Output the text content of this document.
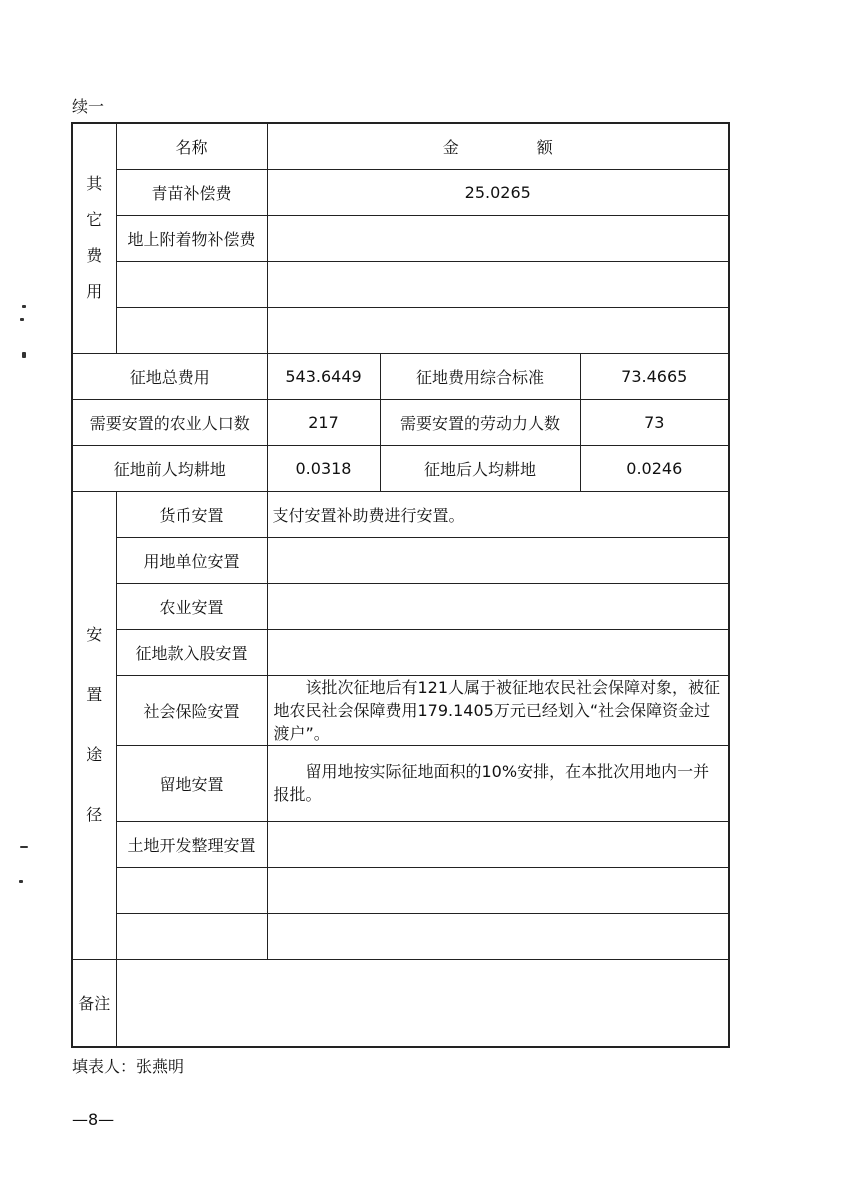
续一
其
它
费
用	名称	金 额		
	青苗补偿费	25.0265		
	地上附着物补偿费			

征地总费用		543.6449	征地费用综合标准	73.4665
需要安置的农业人口数		217	需要安置的劳动力人数	73
征地前人均耕地		0.0318	征地后人均耕地	0.0246

安
置
途
径	货币安置	支付安置补助费进行安置。		
	用地单位安置			
	农业安置			
	征地款入股安置			
	社会保险安置	该批次征地后有121人属于被征地农民社会保障对象，被征地农民社会保障费用179.1405万元已经划入“社会保障资金过渡户”。		
	留地安置	留用地按实际征地面积的10%安排，在本批次用地内一并报批。		
	土地开发整理安置			

备注				
填表人：张燕明
—8—
